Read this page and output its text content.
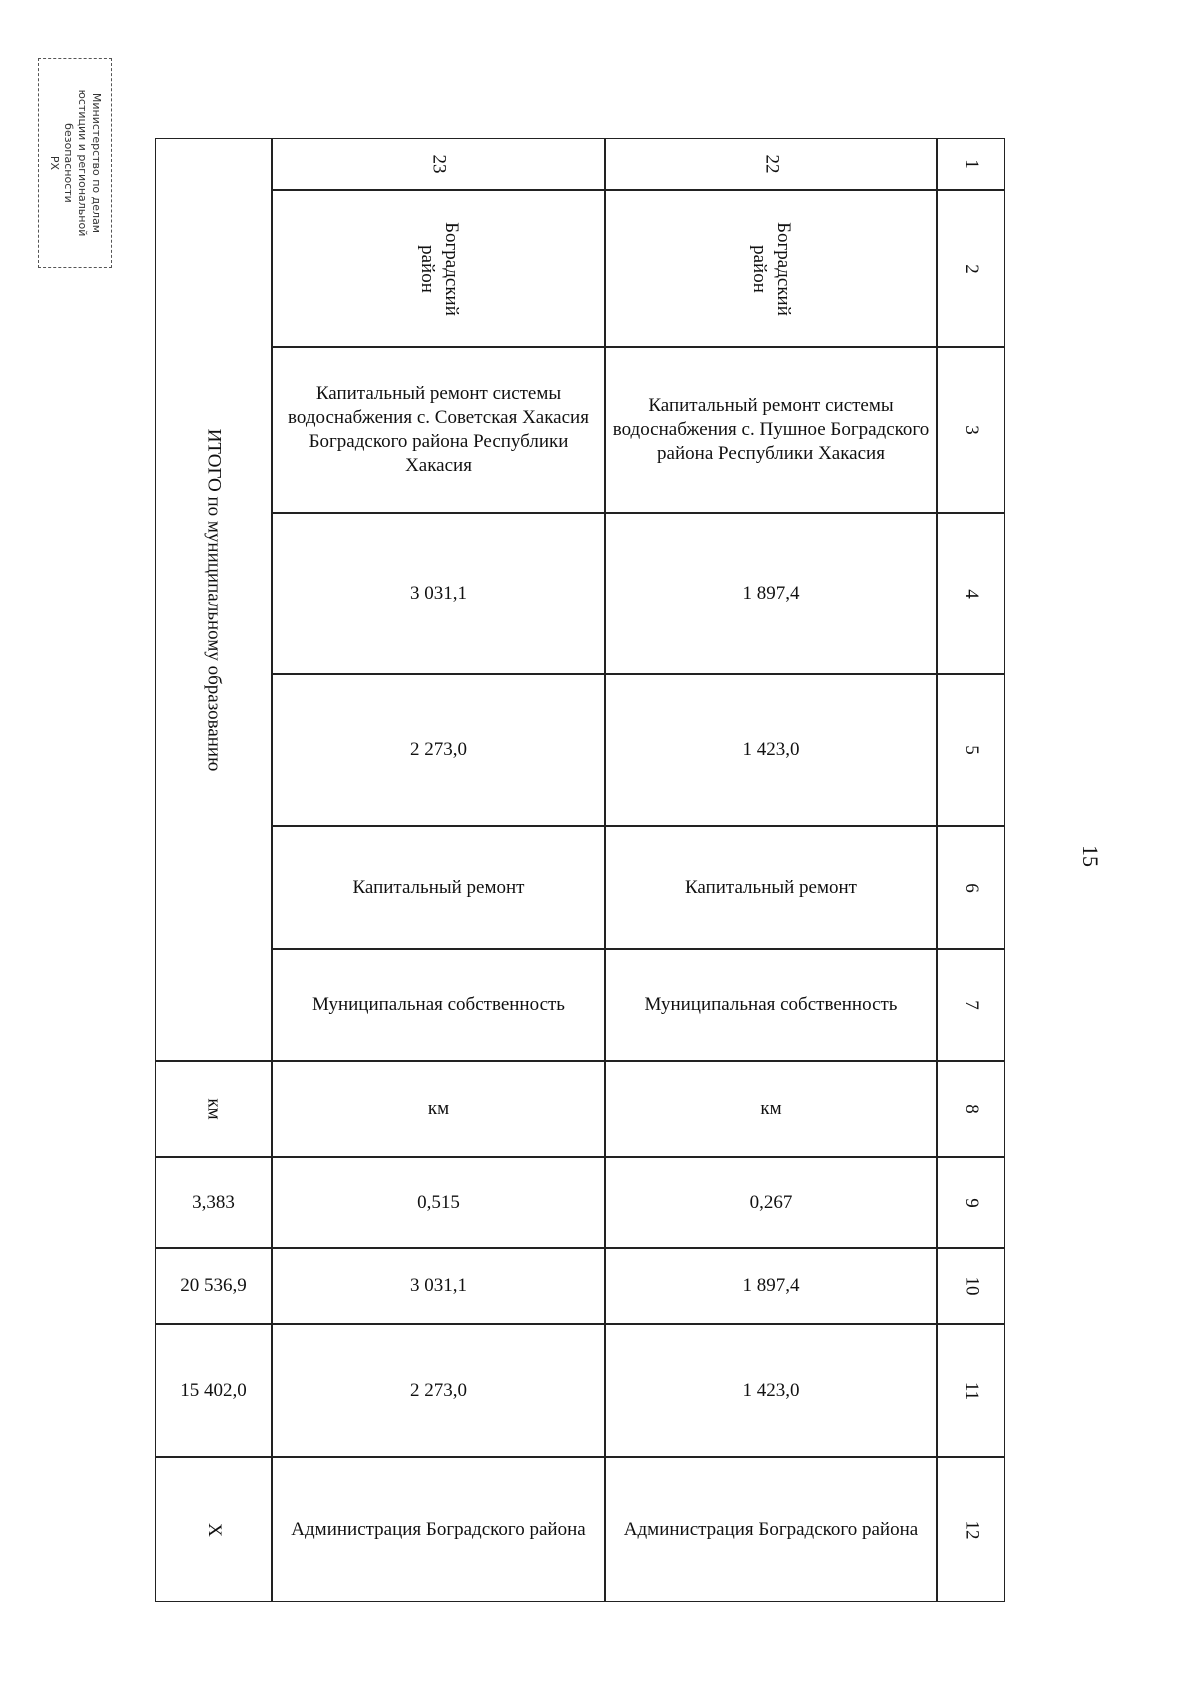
Министерство по делам
юстиции и региональной
безопасности
РХ
15
1
2
3
4
5
6
7
8
9
10
11
12
22
Боградский район
Капитальный ремонт системы водоснабжения с. Пушное Боградского района Республики Хакасия
1 897,4
1 423,0
Капитальный ремонт
Муниципальная собственность
км
0,267
1 897,4
1 423,0
Администрация Боградского района
23
Боградский район
Капитальный ремонт системы водоснабжения с. Советская Хакасия Боградского района Республики Хакасия
3 031,1
2 273,0
Капитальный ремонт
Муниципальная собственность
км
0,515
3 031,1
2 273,0
Администрация Боградского района
ИТОГО по муниципальному образованию
км
3,383
20 536,9
15 402,0
Х
